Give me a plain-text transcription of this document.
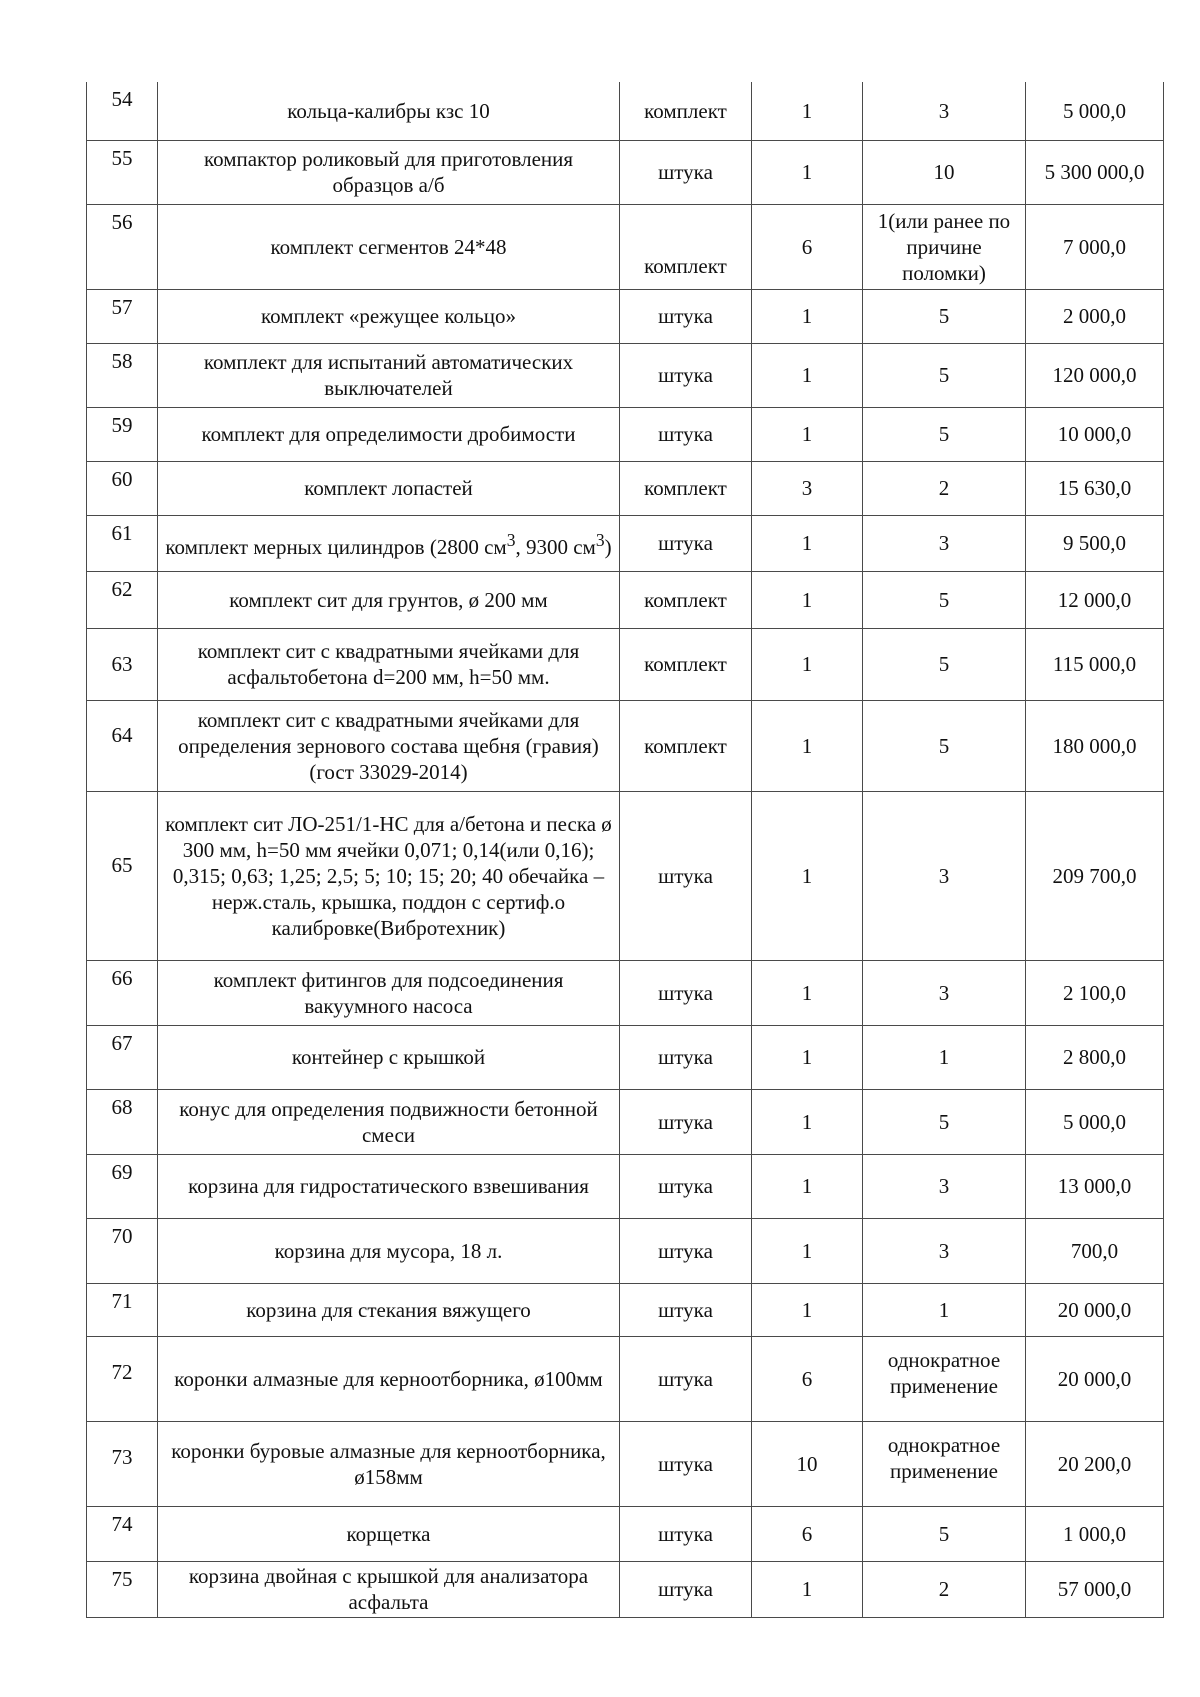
54	кольца-калибры кзс 10	комплект	1	3	5 000,0
55	компактор роликовый для приготовления образцов а/б	штука	1	10	5 300 000,0
56	комплект сегментов 24*48	комплект	6	1(или ранее по причине поломки)	7 000,0
57	комплект «режущее кольцо»	штука	1	5	2 000,0
58	комплект для испытаний автоматических выключателей	штука	1	5	120 000,0
59	комплект для определимости дробимости	штука	1	5	10 000,0
60	комплект лопастей	комплект	3	2	15 630,0
61	комплект мерных цилиндров (2800 $см^3$, 9300 $см^3$)	штука	1	3	9 500,0
62	комплект сит для грунтов, ø 200 мм	комплект	1	5	12 000,0
63	комплект сит с квадратными ячейками для асфальтобетона d=200 мм, h=50 мм.	комплект	1	5	115 000,0
64	комплект сит с квадратными ячейками для определения зернового состава щебня (гравия) (гост 33029-2014)	комплект	1	5	180 000,0
65	комплект сит ЛО-251/1-НС для а/бетона и песка ø 300 мм, h=50 мм ячейки 0,071; 0,14(или 0,16); 0,315; 0,63; 1,25; 2,5; 5; 10; 15; 20; 40 обечайка – нерж.сталь, крышка, поддон с сертиф.о калибровке(Вибротехник)	штука	1	3	209 700,0
66	комплект фитингов для подсоединения вакуумного насоса	штука	1	3	2 100,0
67	контейнер с крышкой	штука	1	1	2 800,0
68	конус для определения подвижности бетонной смеси	штука	1	5	5 000,0
69	корзина для гидростатического взвешивания	штука	1	3	13 000,0
70	корзина для мусора, 18 л.	штука	1	3	700,0
71	корзина для стекания вяжущего	штука	1	1	20 000,0
72	коронки алмазные для керноотборника, ø100мм	штука	6	однократное применение	20 000,0
73	коронки буровые алмазные для керноотборника, ø158мм	штука	10	однократное применение	20 200,0
74	корщетка	штука	6	5	1 000,0
75	корзина двойная с крышкой для анализатора асфальта	штука	1	2	57 000,0
